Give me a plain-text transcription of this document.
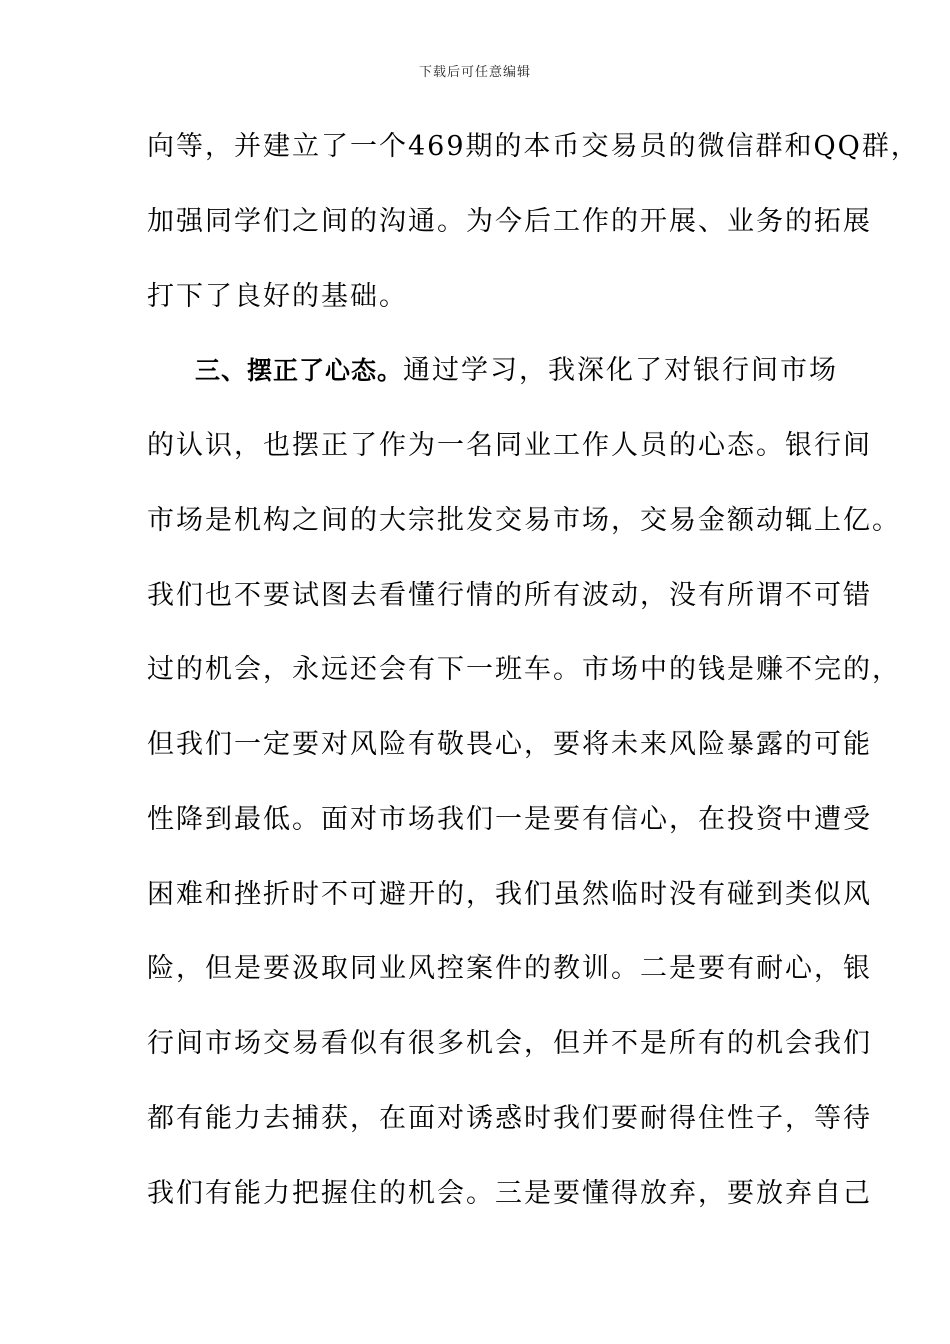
下载后可任意编辑
向等，并建立了一个469期的本币交易员的微信群和QQ群，
加强同学们之间的沟通。为今后工作的开展、业务的拓展
打下了良好的基础。
三、摆正了心态。通过学习，我深化了对银行间市场
的认识，也摆正了作为一名同业工作人员的心态。银行间
市场是机构之间的大宗批发交易市场，交易金额动辄上亿。
我们也不要试图去看懂行情的所有波动，没有所谓不可错
过的机会，永远还会有下一班车。市场中的钱是赚不完的，
但我们一定要对风险有敬畏心，要将未来风险暴露的可能
性降到最低。面对市场我们一是要有信心，在投资中遭受
困难和挫折时不可避开的，我们虽然临时没有碰到类似风
险，但是要汲取同业风控案件的教训。二是要有耐心，银
行间市场交易看似有很多机会，但并不是所有的机会我们
都有能力去捕获，在面对诱惑时我们要耐得住性子，等待
我们有能力把握住的机会。三是要懂得放弃，要放弃自己
